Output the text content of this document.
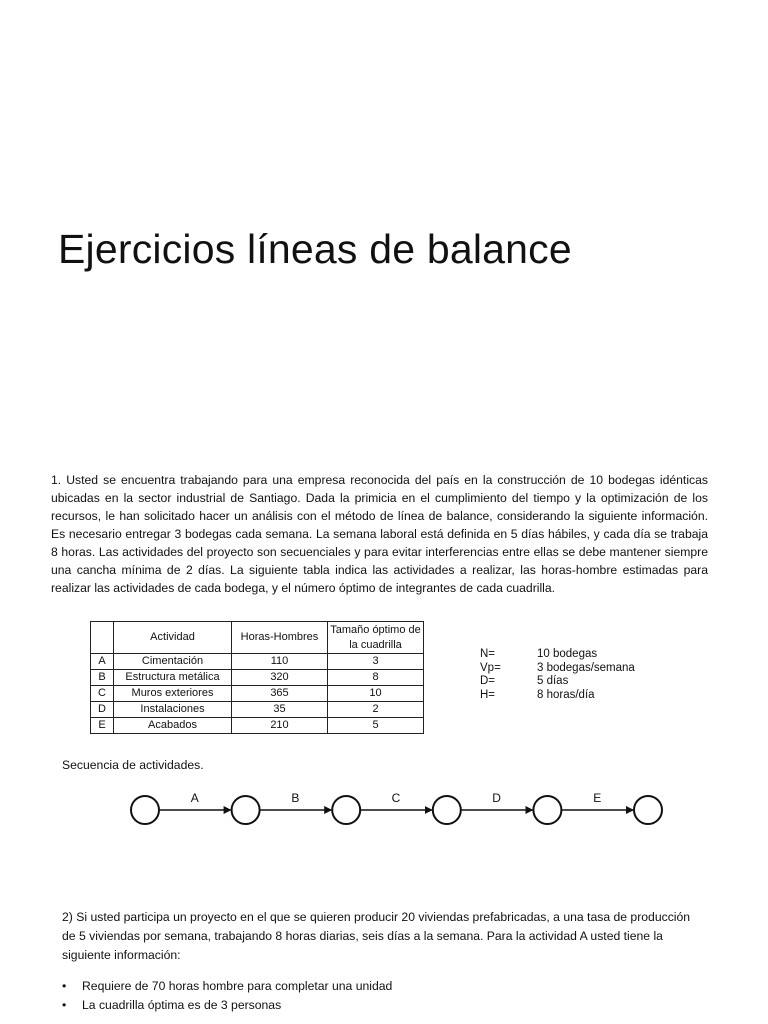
Ejercicios líneas de balance

1. Usted se encuentra trabajando para una empresa reconocida del país en la construcción de 10 bodegas idénticas ubicadas en la sector industrial de Santiago. Dada la primicia en el cumplimiento del tiempo y la optimización de los recursos, le han solicitado hacer un análisis con el método de línea de balance, considerando la siguiente información. Es necesario entregar 3 bodegas cada semana. La semana laboral está definida en 5 días hábiles, y cada día se trabaja 8 horas. Las actividades del proyecto son secuenciales y para evitar interferencias entre ellas se debe mantener siempre una cancha mínima de 2 días. La siguiente tabla indica las actividades a realizar, las horas-hombre estimadas para realizar las actividades de cada bodega, y el número óptimo de integrantes de cada cuadrilla.

	Actividad	Horas-Hombres	Tamaño óptimo de la cuadrilla
A	Cimentación	110	3
B	Estructura metálica	320	8
C	Muros exteriores	365	10
D	Instalaciones	35	2
E	Acabados	210	5
N=	10 bodegas
Vp=	3 bodegas/semana
D=	5 días
H=	8 horas/día

Secuencia de actividades.

A	B	C	D	E

2) Si usted participa un proyecto en el que se quieren producir 20 viviendas prefabricadas, a una tasa de producción de 5 viviendas por semana, trabajando 8 horas diarias, seis días a la semana. Para la actividad A usted tiene la siguiente información:

•	Requiere de 70 horas hombre para completar una unidad
•	La cuadrilla óptima es de 3 personas
